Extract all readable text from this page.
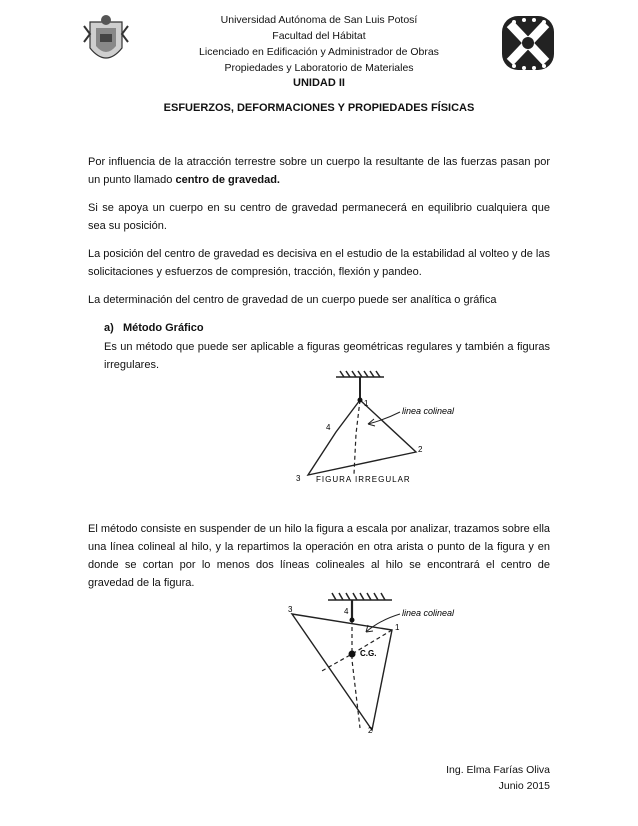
Universidad Autónoma de San Luis Potosí
Facultad del Hábitat
Licenciado en Edificación y Administrador de Obras
Propiedades y Laboratorio de Materiales
UNIDAD II
ESFUERZOS, DEFORMACIONES Y PROPIEDADES FÍSICAS
Por influencia de la atracción terrestre sobre un cuerpo la resultante de las fuerzas pasan por un punto llamado centro de gravedad.
Si se apoya un cuerpo en su centro de gravedad permanecerá en equilibrio cualquiera que sea su posición.
La posición del centro de gravedad es decisiva en el estudio de la estabilidad al volteo y de las solicitaciones y esfuerzos de compresión, tracción, flexión y pandeo.
La determinación del centro de gravedad de un cuerpo puede ser analítica o gráfica
a)   Método Gráfico
Es un método que puede ser aplicable a figuras geométricas regulares y también a figuras irregulares.
1
2
3
4
linea colineal
FIGURA IRREGULAR
El método consiste en suspender de un hilo la figura a escala por analizar, trazamos sobre ella una línea colineal al hilo, y la repartimos la operación en otra arista o punto de la figura y en donde se cortan por lo menos dos líneas colineales al hilo se encontrará el centro de gravedad de la figura.
3
1
2
4
C.G.
linea colineal
Ing. Elma Farías Oliva
Junio 2015
